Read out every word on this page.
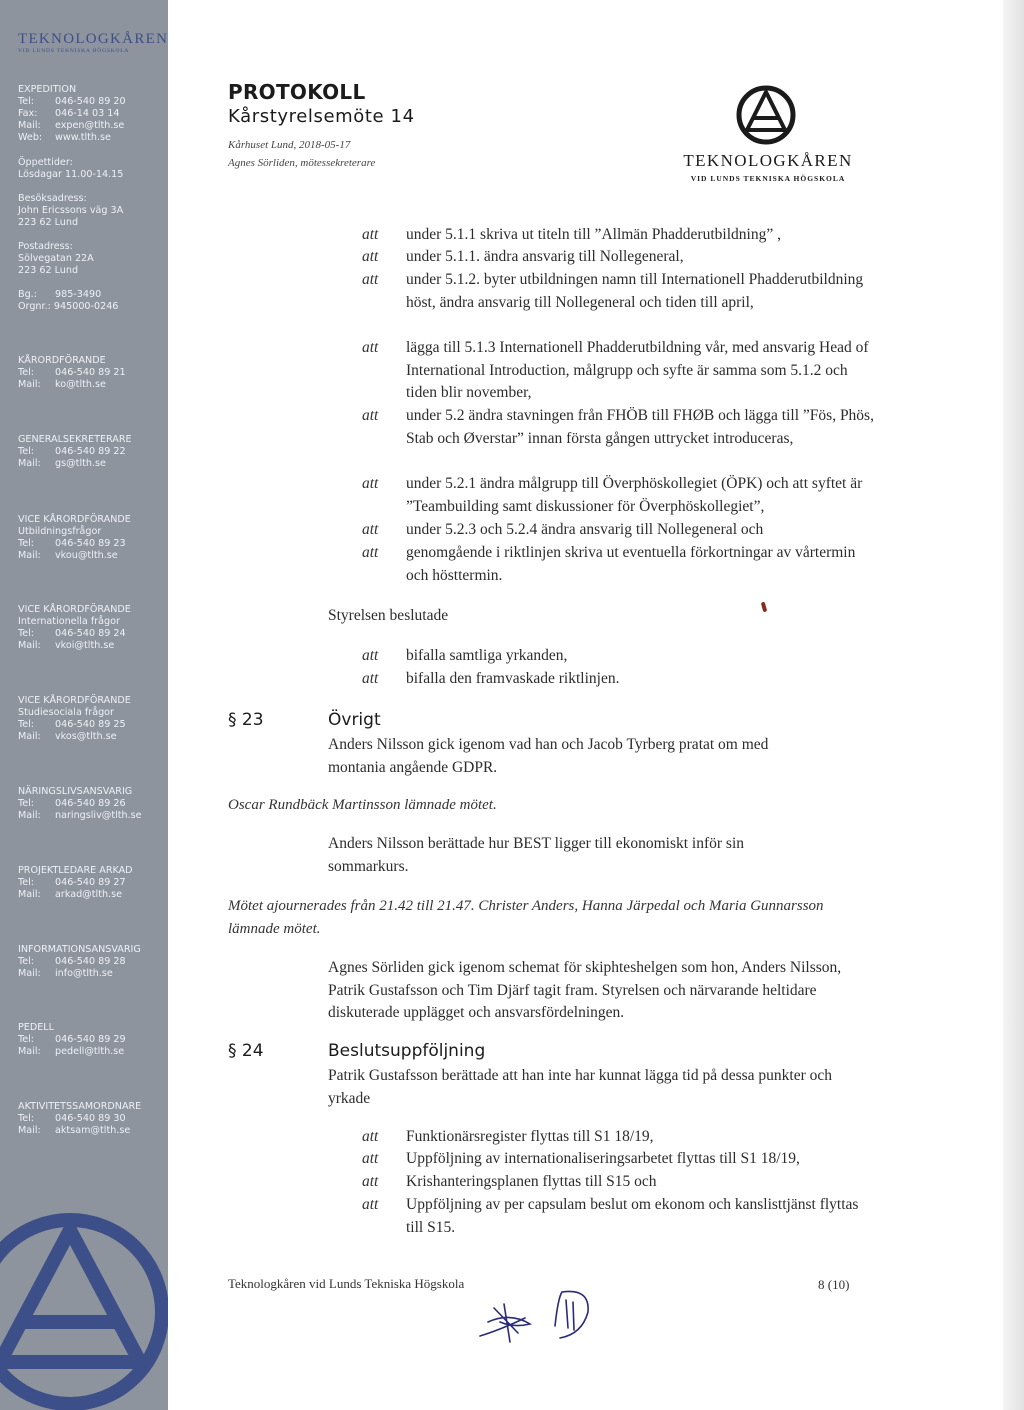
TEKNOLOGKÅREN
VID LUNDS TEKNISKA HÖGSKOLA
EXPEDITION
Tel: 046-540 89 20
Fax: 046-14 03 14
Mail: expen@tlth.se
Web: www.tlth.se
Öppettider:
Lösdagar 11.00-14.15
Besöksadress:
John Ericssons väg 3A
223 62 Lund
Postadress:
Sölvegatan 22A
223 62 Lund
Bg.: 985-3490
Orgnr.: 945000-0246
KÅRORDFÖRANDE
Tel: 046-540 89 21
Mail: ko@tlth.se
GENERALSEKRETERARE
Tel: 046-540 89 22
Mail: gs@tlth.se
VICE KÅRORDFÖRANDE
Utbildningsfrågor
Tel: 046-540 89 23
Mail: vkou@tlth.se
VICE KÅRORDFÖRANDE
Internationella frågor
Tel: 046-540 89 24
Mail: vkoi@tlth.se
VICE KÅRORDFÖRANDE
Studiesociala frågor
Tel: 046-540 89 25
Mail: vkos@tlth.se
NÄRINGSLIVSANSVARIG
Tel: 046-540 89 26
Mail: naringsliv@tlth.se
PROJEKTLEDARE ARKAD
Tel: 046-540 89 27
Mail: arkad@tlth.se
INFORMATIONSANSVARIG
Tel: 046-540 89 28
Mail: info@tlth.se
PEDELL
Tel: 046-540 89 29
Mail: pedell@tlth.se
AKTIVITETSSAMORDNARE
Tel: 046-540 89 30
Mail: aktsam@tlth.se
PROTOKOLL
Kårstyrelsemöte 14
Kårhuset Lund, 2018-05-17
Agnes Sörliden, mötessekreterare	TEKNOLOGKÅREN
VID LUNDS TEKNISKA HÖGSKOLA
att under 5.1.1 skriva ut titeln till ”Allmän Phadderutbildning” ,
att under 5.1.1. ändra ansvarig till Nollegeneral,
att under 5.1.2. byter utbildningen namn till Internationell Phadderutbildning höst, ändra ansvarig till Nollegeneral och tiden till april,
att lägga till 5.1.3 Internationell Phadderutbildning vår, med ansvarig Head of International Introduction, målgrupp och syfte är samma som 5.1.2 och tiden blir november,
att under 5.2 ändra stavningen från FHÖB till FHØB och lägga till ”Fös, Phös, Stab och Øverstar” innan första gången uttrycket introduceras,
att under 5.2.1 ändra målgrupp till Överphöskollegiet (ÖPK) och att syftet är ”Teambuilding samt diskussioner för Överphöskollegiet”,
att under 5.2.3 och 5.2.4 ändra ansvarig till Nollegeneral och
att genomgående i riktlinjen skriva ut eventuella förkortningar av vårtermin och hösttermin.
Styrelsen beslutade
att bifalla samtliga yrkanden,
att bifalla den framvaskade riktlinjen.
§ 23	Övrigt
Anders Nilsson gick igenom vad han och Jacob Tyrberg pratat om med montania angående GDPR.
Oscar Rundbäck Martinsson lämnade mötet.
Anders Nilsson berättade hur BEST ligger till ekonomiskt inför sin sommarkurs.
Mötet ajournerades från 21.42 till 21.47. Christer Anders, Hanna Järpedal och Maria Gunnarsson lämnade mötet.
Agnes Sörliden gick igenom schemat för skiphteshelgen som hon, Anders Nilsson, Patrik Gustafsson och Tim Djärf tagit fram. Styrelsen och närvarande heltidare diskuterade upplägget och ansvarsfördelningen.
§ 24	Beslutsuppföljning
Patrik Gustafsson berättade att han inte har kunnat lägga tid på dessa punkter och yrkade
att Funktionärsregister flyttas till S1 18/19,
att Uppföljning av internationaliseringsarbetet flyttas till S1 18/19,
att Krishanteringsplanen flyttas till S15 och
att Uppföljning av per capsulam beslut om ekonom och kanslisttjänst flyttas till S15.
Teknologkåren vid Lunds Tekniska Högskola	8 (10)
